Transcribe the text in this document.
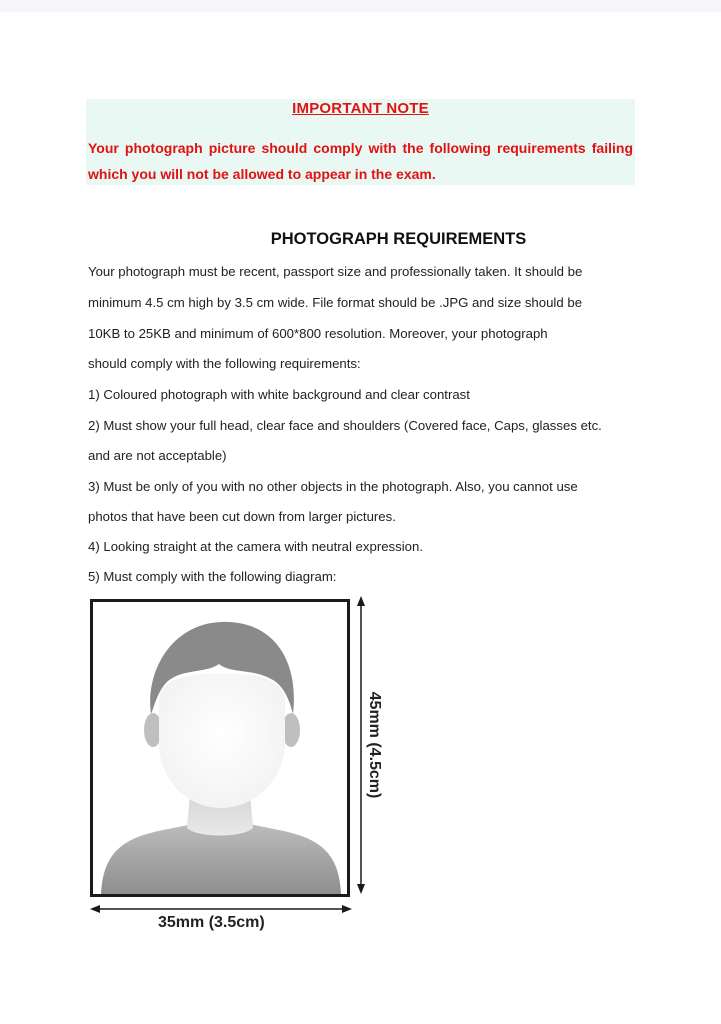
IMPORTANT NOTE
Your photograph picture should comply with the following requirements failing which you will not be allowed to appear in the exam.
PHOTOGRAPH REQUIREMENTS
Your photograph must be recent, passport size and professionally taken. It should be
minimum 4.5 cm high by 3.5 cm wide. File format should be .JPG and size should be
10KB to 25KB and minimum of 600*800 resolution. Moreover, your photograph
should comply with the following requirements:
1) Coloured photograph with white background and clear contrast
2) Must show your full head, clear face and shoulders (Covered face, Caps, glasses etc.
and are not acceptable)
3) Must be only of you with no other objects in the photograph. Also, you cannot use
photos that have been cut down from larger pictures.
4) Looking straight at the camera with neutral expression.
5) Must comply with the following diagram:
45mm (4.5cm)
35mm (3.5cm)
